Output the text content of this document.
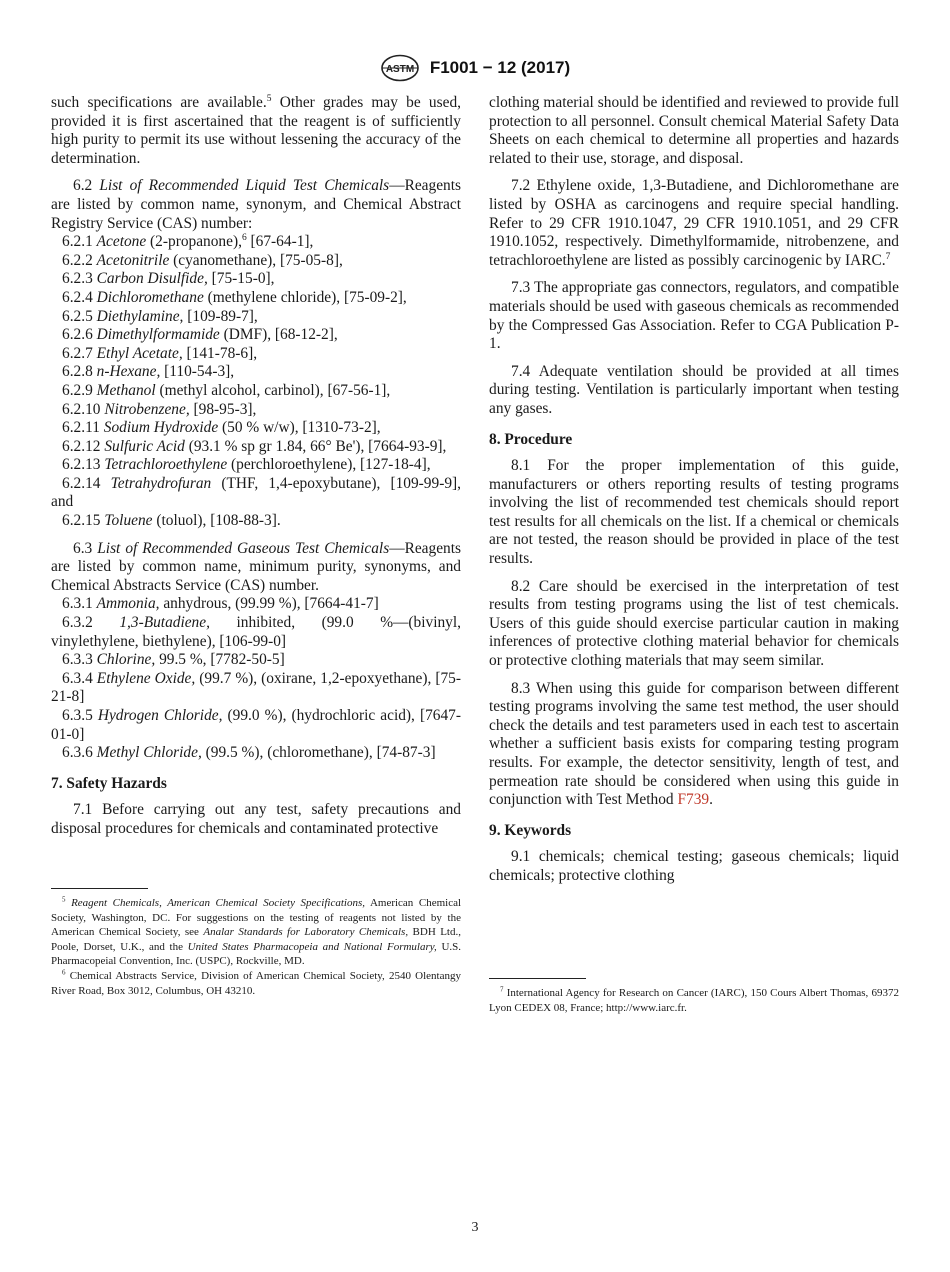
ASTM F1001 − 12 (2017)

such specifications are available.$^5$ Other grades may be used, provided it is first ascertained that the reagent is of sufficiently high purity to permit its use without lessening the accuracy of the determination.

6.2 List of Recommended Liquid Test Chemicals—Reagents are listed by common name, synonym, and Chemical Abstract Registry Service (CAS) number:

6.2.1 Acetone (2-propanone),$^6$ [67-64-1],

6.2.2 Acetonitrile (cyanomethane), [75-05-8],

6.2.3 Carbon Disulfide, [75-15-0],

6.2.4 Dichloromethane (methylene chloride), [75-09-2],

6.2.5 Diethylamine, [109-89-7],

6.2.6 Dimethylformamide (DMF), [68-12-2],

6.2.7 Ethyl Acetate, [141-78-6],

6.2.8 n-Hexane, [110-54-3],

6.2.9 Methanol (methyl alcohol, carbinol), [67-56-1],

6.2.10 Nitrobenzene, [98-95-3],

6.2.11 Sodium Hydroxide (50 % w/w), [1310-73-2],

6.2.12 Sulfuric Acid (93.1 % sp gr 1.84, 66° Be'), [7664-93-9],

6.2.13 Tetrachloroethylene (perchloroethylene), [127-18-4],

6.2.14 Tetrahydrofuran (THF, 1,4-epoxybutane), [109-99-9], and

6.2.15 Toluene (toluol), [108-88-3].

6.3 List of Recommended Gaseous Test Chemicals—Reagents are listed by common name, minimum purity, synonyms, and Chemical Abstracts Service (CAS) number.

6.3.1 Ammonia, anhydrous, (99.99 %), [7664-41-7]

6.3.2 1,3-Butadiene, inhibited, (99.0 %—(bivinyl, vinylethylene, biethylene), [106-99-0]

6.3.3 Chlorine, 99.5 %, [7782-50-5]

6.3.4 Ethylene Oxide, (99.7 %), (oxirane, 1,2-epoxyethane), [75-21-8]

6.3.5 Hydrogen Chloride, (99.0 %), (hydrochloric acid), [7647-01-0]

6.3.6 Methyl Chloride, (99.5 %), (chloromethane), [74-87-3]

7. Safety Hazards

7.1 Before carrying out any test, safety precautions and disposal procedures for chemicals and contaminated protective

$^5$ Reagent Chemicals, American Chemical Society Specifications, American Chemical Society, Washington, DC. For suggestions on the testing of reagents not listed by the American Chemical Society, see Analar Standards for Laboratory Chemicals, BDH Ltd., Poole, Dorset, U.K., and the United States Pharmacopeia and National Formulary, U.S. Pharmacopeial Convention, Inc. (USPC), Rockville, MD.

$^6$ Chemical Abstracts Service, Division of American Chemical Society, 2540 Olentangy River Road, Box 3012, Columbus, OH 43210.

clothing material should be identified and reviewed to provide full protection to all personnel. Consult chemical Material Safety Data Sheets on each chemical to determine all properties and hazards related to their use, storage, and disposal.

7.2 Ethylene oxide, 1,3-Butadiene, and Dichloromethane are listed by OSHA as carcinogens and require special handling. Refer to 29 CFR 1910.1047, 29 CFR 1910.1051, and 29 CFR 1910.1052, respectively. Dimethylformamide, nitrobenzene, and tetrachloroethylene are listed as possibly carcinogenic by IARC.$^7$

7.3 The appropriate gas connectors, regulators, and compatible materials should be used with gaseous chemicals as recommended by the Compressed Gas Association. Refer to CGA Publication P-1.

7.4 Adequate ventilation should be provided at all times during testing. Ventilation is particularly important when testing any gases.

8. Procedure

8.1 For the proper implementation of this guide, manufacturers or others reporting results of testing programs involving the list of recommended test chemicals should report test results for all chemicals on the list. If a chemical or chemicals are not tested, the reason should be provided in place of the test results.

8.2 Care should be exercised in the interpretation of test results from testing programs using the list of test chemicals. Users of this guide should exercise particular caution in making inferences of protective clothing material behavior for chemicals or protective clothing materials that may seem similar.

8.3 When using this guide for comparison between different testing programs involving the same test method, the user should check the details and test parameters used in each test to ascertain whether a sufficient basis exists for comparing testing program results. For example, the detector sensitivity, length of test, and permeation rate should be considered when using this guide in conjunction with Test Method F739.

9. Keywords

9.1 chemicals; chemical testing; gaseous chemicals; liquid chemicals; protective clothing

$^7$ International Agency for Research on Cancer (IARC), 150 Cours Albert Thomas, 69372 Lyon CEDEX 08, France; http://www.iarc.fr.

3
